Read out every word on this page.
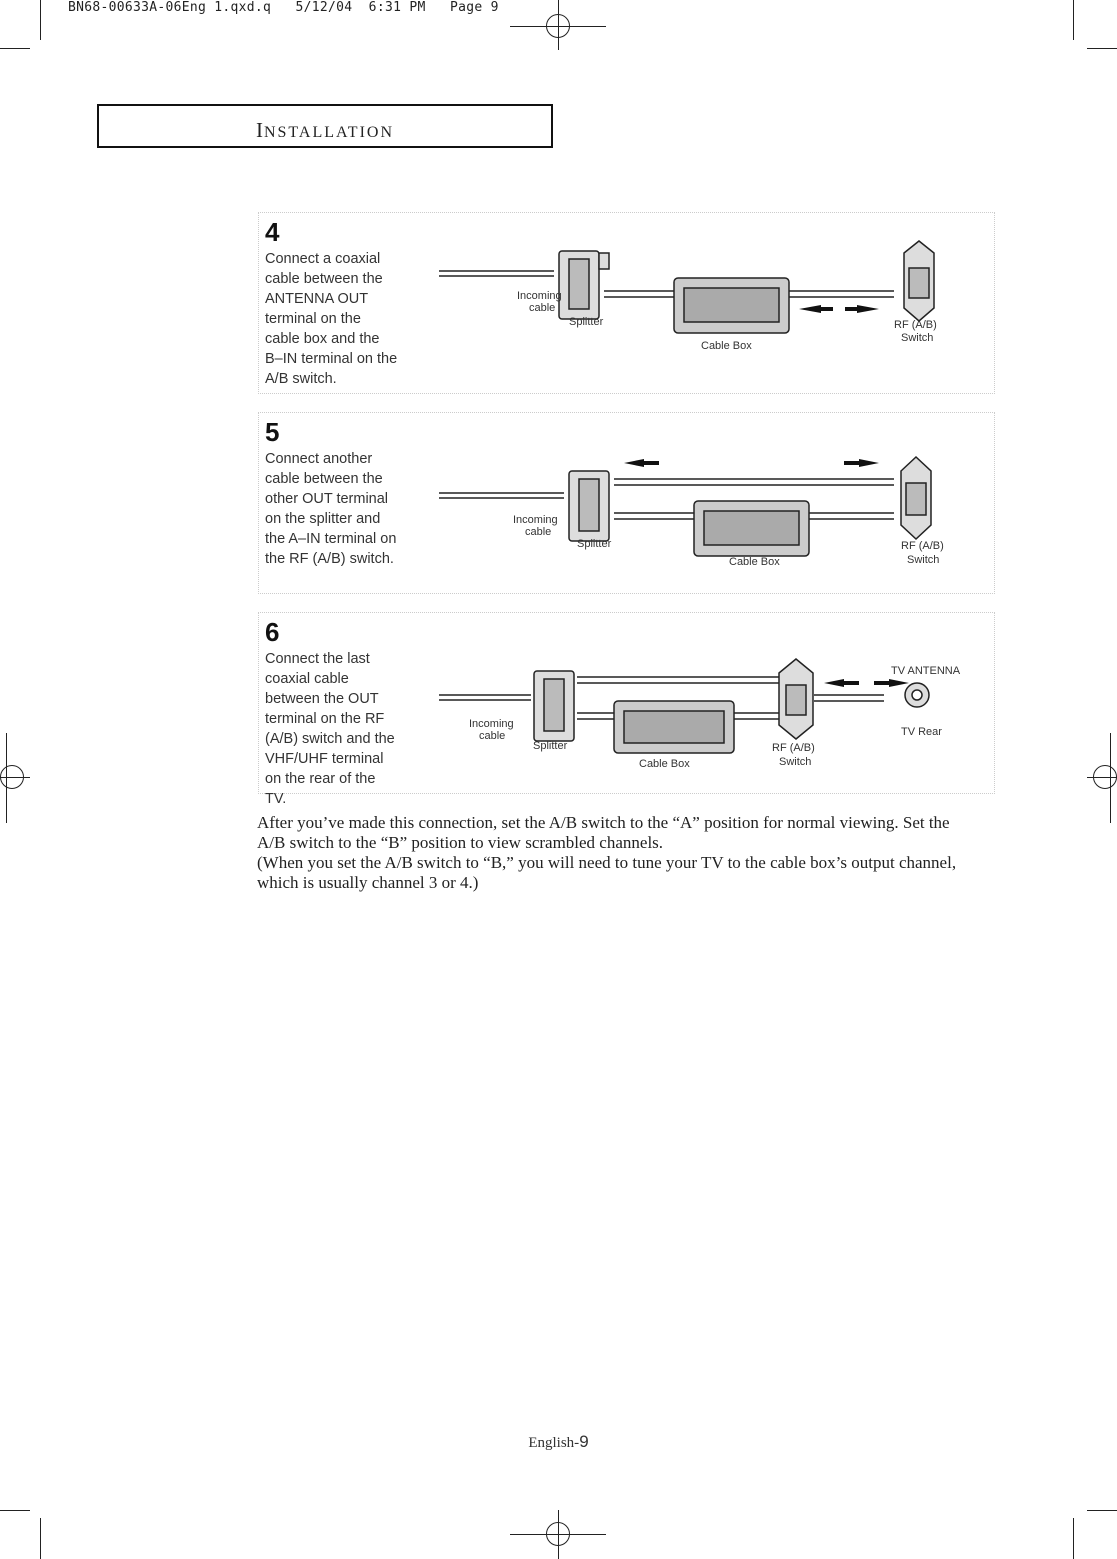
BN68-00633A-06Eng 1.qxd.q   5/12/04  6:31 PM   Page 9
INSTALLATION
4
Connect a coaxial
cable between the
ANTENNA OUT
terminal on the
cable box and the
B–IN terminal on the
A/B switch.
Incoming
cable
Splitter
Cable Box
RF (A/B)
Switch
5
Connect another
cable between the
other OUT terminal
on the splitter and
the A–IN terminal on
the RF (A/B) switch.
Incoming
cable
Splitter
Cable Box
RF (A/B)
Switch
6
Connect the last
coaxial cable
between the OUT
terminal on the RF
(A/B) switch and the
VHF/UHF terminal
on the rear of the
TV.
TV ANTENNA
Incoming
cable
Splitter
Cable Box
RF (A/B)
Switch
TV Rear

After you’ve made this connection, set the A/B switch to the “A” position for normal viewing. Set the A/B switch to the “B” position to view scrambled channels.

(When you set the A/B switch to “B,” you will need to tune your TV to the cable box’s output channel, which is usually channel 3 or 4.)

English-9
